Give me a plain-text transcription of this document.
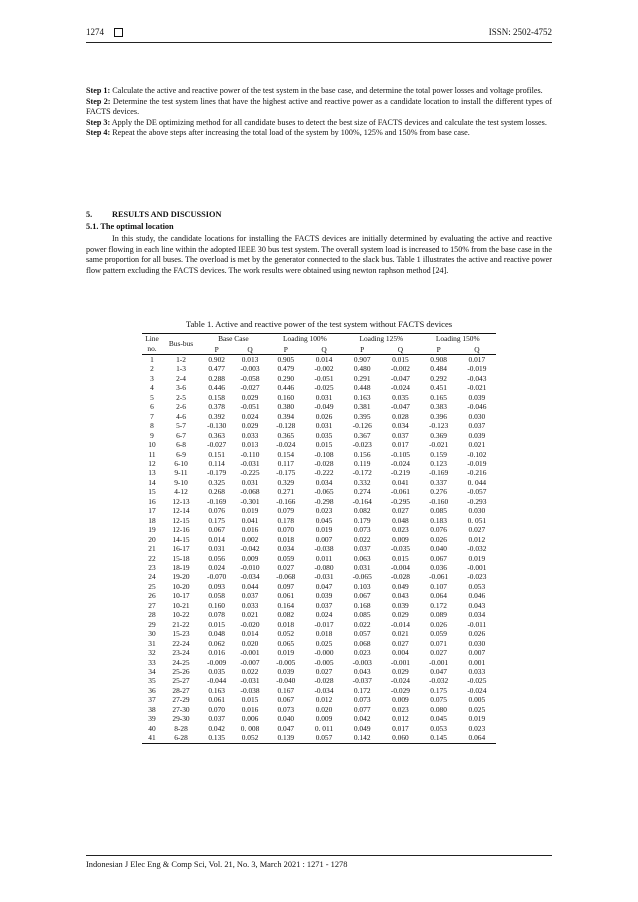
1274	ISSN: 2502-4752

Step 1: Calculate the active and reactive power of the test system in the base case, and determine the total power losses and voltage profiles.

Step 2: Determine the test system lines that have the highest active and reactive power as a candidate location to install the different types of FACTS devices.

Step 3: Apply the DE optimizing method for all candidate buses to detect the best size of FACTS devices and calculate the test system losses.

Step 4: Repeat the above steps after increasing the total load of the system by 100%, 125% and 150% from base case.

5. RESULTS AND DISCUSSION
5.1. The optimal location
In this study, the candidate locations for installing the FACTS devices are initially determined by evaluating the active and reactive power flowing in each line within the adopted IEEE 30 bus test system. The overall system load is increased to 150% from the base case in the same proportion for all buses. The overload is met by the generator connected to the slack bus. Table 1 illustrates the active and reactive power flow pattern excluding the FACTS devices. The work results were obtained using newton raphson method [24].
Table 1. Active and reactive power of the test system without FACTS devices
Line no.	Bus-bus	Base Case		Loading 100%		Loading 125%		Loading 150%	
		P	Q	P	Q	P	Q	P	Q
1	1-2	0.902	0.013	0.905	0.014	0.907	0.015	0.908	0.017
2	1-3	0.477	-0.003	0.479	-0.002	0.480	-0.002	0.484	-0.019
3	2-4	0.288	-0.058	0.290	-0.051	0.291	-0.047	0.292	-0.043
4	3-6	0.446	-0.027	0.446	-0.025	0.448	-0.024	0.451	-0.021
5	2-5	0.158	0.029	0.160	0.031	0.163	0.035	0.165	0.039
6	2-6	0.378	-0.051	0.380	-0.049	0.381	-0.047	0.383	-0.046
7	4-6	0.392	0.024	0.394	0.026	0.395	0.028	0.396	0.030
8	5-7	-0.130	0.029	-0.128	0.031	-0.126	0.034	-0.123	0.037
9	6-7	0.363	0.033	0.365	0.035	0.367	0.037	0.369	0.039
10	6-8	-0.027	0.013	-0.024	0.015	-0.023	0.017	-0.021	0.021
11	6-9	0.151	-0.110	0.154	-0.108	0.156	-0.105	0.159	-0.102
12	6-10	0.114	-0.031	0.117	-0.028	0.119	-0.024	0.123	-0.019
13	9-11	-0.179	-0.225	-0.175	-0.222	-0.172	-0.219	-0.169	-0.216
14	9-10	0.325	0.031	0.329	0.034	0.332	0.041	0.337	0. 044
15	4-12	0.268	-0.068	0.271	-0.065	0.274	-0.061	0.276	-0.057
16	12-13	-0.169	-0.301	-0.166	-0.298	-0.164	-0.295	-0.160	-0.293
17	12-14	0.076	0.019	0.079	0.023	0.082	0.027	0.085	0.030
18	12-15	0.175	0.041	0.178	0.045	0.179	0.048	0.183	0. 051
19	12-16	0.067	0.016	0.070	0.019	0.073	0.023	0.076	0.027
20	14-15	0.014	0.002	0.018	0.007	0.022	0.009	0.026	0.012
21	16-17	0.031	-0.042	0.034	-0.038	0.037	-0.035	0.040	-0.032
22	15-18	0.056	0.009	0.059	0.011	0.063	0.015	0.067	0.019
23	18-19	0.024	-0.010	0.027	-0.080	0.031	-0.004	0.036	-0.001
24	19-20	-0.070	-0.034	-0.068	-0.031	-0.065	-0.028	-0.061	-0.023
25	10-20	0.093	0.044	0.097	0.047	0.103	0.049	0.107	0.053
26	10-17	0.058	0.037	0.061	0.039	0.067	0.043	0.064	0.046
27	10-21	0.160	0.033	0.164	0.037	0.168	0.039	0.172	0.043
28	10-22	0.078	0.021	0.082	0.024	0.085	0.029	0.089	0.034
29	21-22	0.015	-0.020	0.018	-0.017	0.022	-0.014	0.026	-0.011
30	15-23	0.048	0.014	0.052	0.018	0.057	0.021	0.059	0.026
31	22-24	0.062	0.020	0.065	0.025	0.068	0.027	0.071	0.030
32	23-24	0.016	-0.001	0.019	-0.000	0.023	0.004	0.027	0.007
33	24-25	-0.009	-0.007	-0.005	-0.005	-0.003	-0.001	-0.001	0.001
34	25-26	0.035	0.022	0.039	0.027	0.043	0.029	0.047	0.033
35	25-27	-0.044	-0.031	-0.040	-0.028	-0.037	-0.024	-0.032	-0.025
36	28-27	0.163	-0.038	0.167	-0.034	0.172	-0.029	0.175	-0.024
37	27-29	0.061	0.015	0.067	0.012	0.073	0.009	0.075	0.005
38	27-30	0.070	0.016	0.073	0.020	0.077	0.023	0.080	0.025
39	29-30	0.037	0.006	0.040	0.009	0.042	0.012	0.045	0.019
40	8-28	0.042	0. 008	0.047	0. 011	0.049	0.017	0.053	0.023
41	6-28	0.135	0.052	0.139	0.057	0.142	0.060	0.145	0.064
Indonesian J Elec Eng & Comp Sci, Vol. 21, No. 3, March 2021 : 1271 - 1278
